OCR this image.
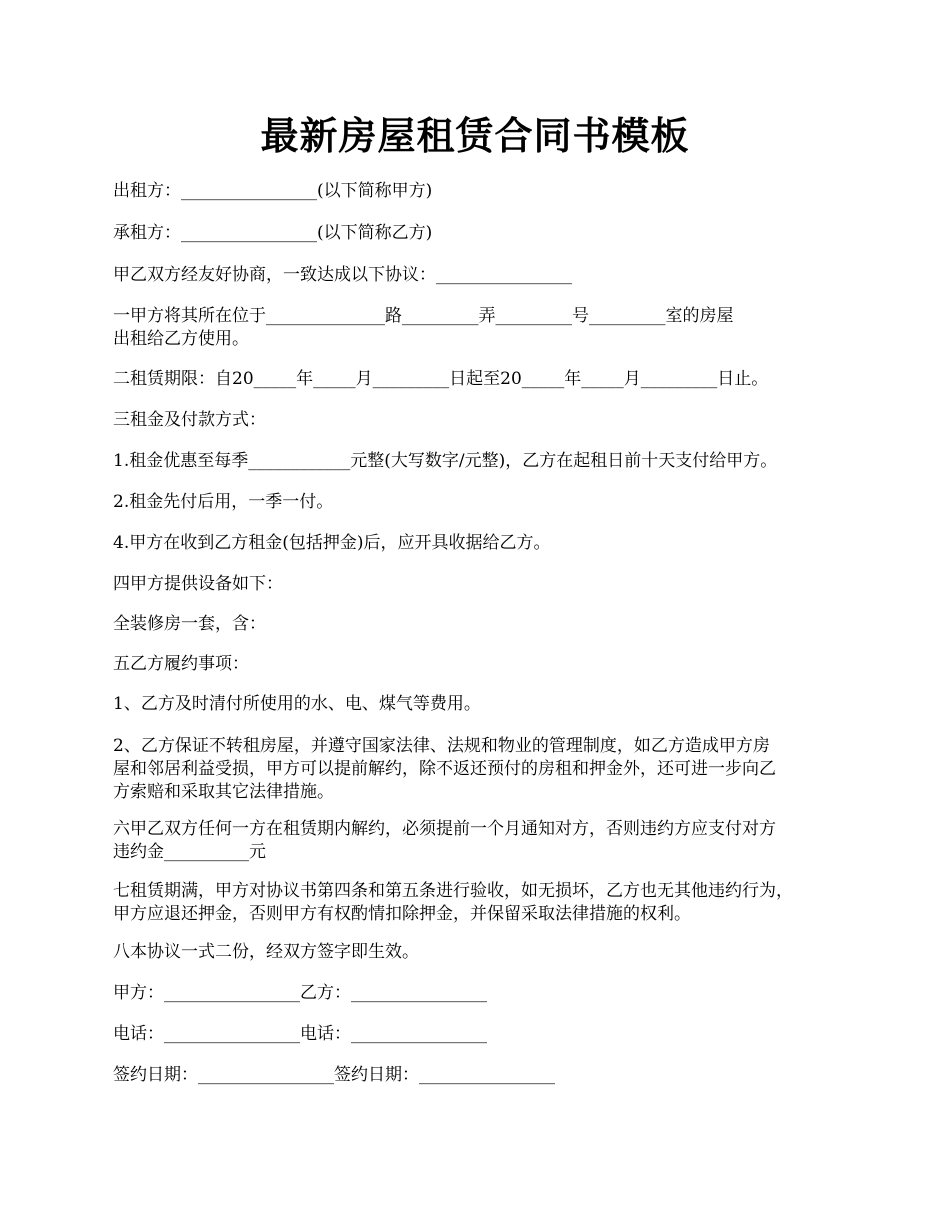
最新房屋租赁合同书模板
出租方：________________(以下简称甲方)
承租方：________________(以下简称乙方)
甲乙双方经友好协商，一致达成以下协议：________________
一甲方将其所在位于______________路_________弄_________号_________室的房屋
出租给乙方使用。
二租赁期限：自20_____年_____月_________日起至20_____年_____月_________日止。
三租金及付款方式：
1.租金优惠至每季____________元整(大写数字/元整)，乙方在起租日前十天支付给甲方。
2.租金先付后用，一季一付。
4.甲方在收到乙方租金(包括押金)后，应开具收据给乙方。
四甲方提供设备如下：
全装修房一套，含：
五乙方履约事项：
1、乙方及时清付所使用的水、电、煤气等费用。
2、乙方保证不转租房屋，并遵守国家法律、法规和物业的管理制度，如乙方造成甲方房
屋和邻居利益受损，甲方可以提前解约，除不返还预付的房租和押金外，还可进一步向乙
方索赔和采取其它法律措施。
六甲乙双方任何一方在租赁期内解约，必须提前一个月通知对方，否则违约方应支付对方
违约金__________元
七租赁期满，甲方对协议书第四条和第五条进行验收，如无损坏，乙方也无其他违约行为，
甲方应退还押金，否则甲方有权酌情扣除押金，并保留采取法律措施的权利。
八本协议一式二份，经双方签字即生效。
甲方：________________乙方：________________
电话：________________电话：________________
签约日期：________________签约日期：________________
